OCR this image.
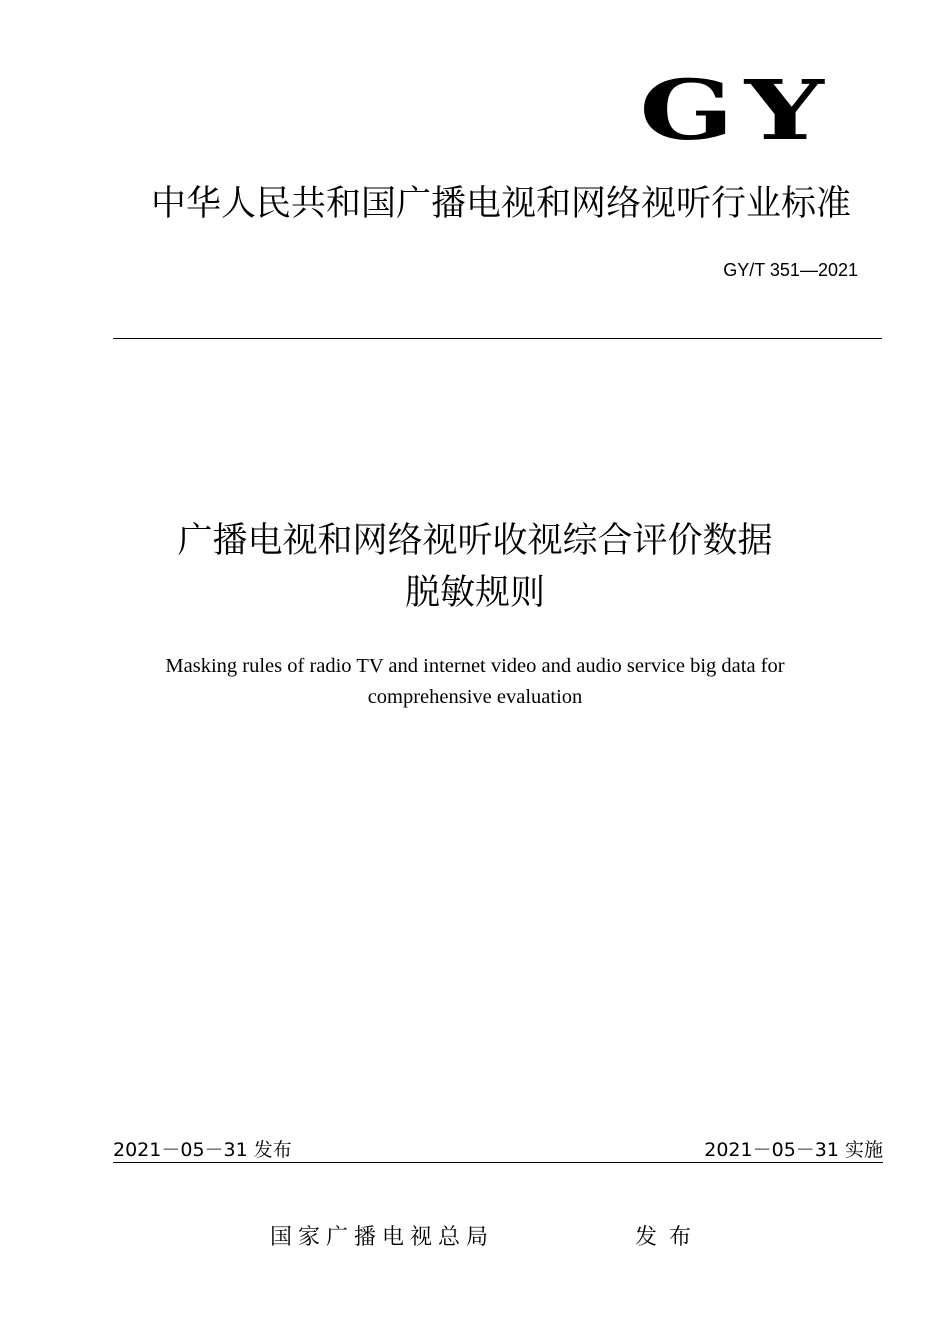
GY
中华人民共和国广播电视和网络视听行业标准
GY/T 351—2021
广播电视和网络视听收视综合评价数据
脱敏规则
Masking rules of radio TV and internet video and audio service big data for
comprehensive evaluation
2021－05－31 发布	2021－05－31 实施
国家广播电视总局	发布
